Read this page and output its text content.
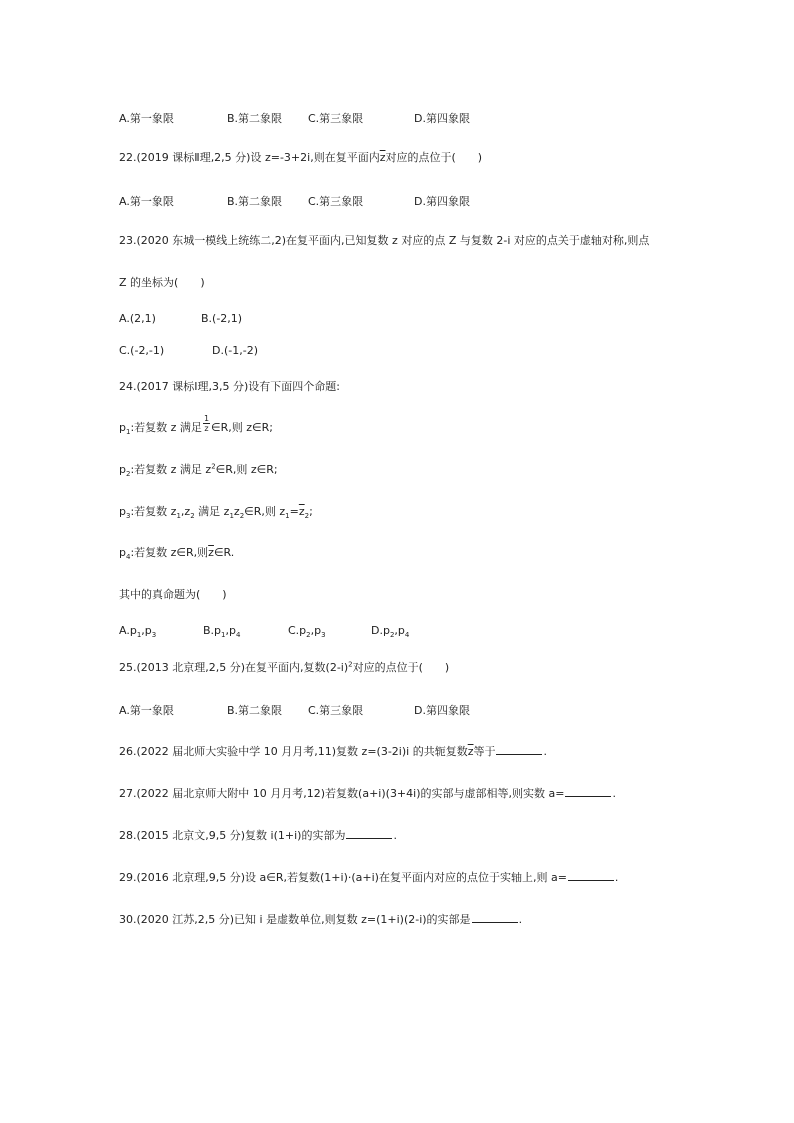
A.第一象限	B.第二象限 C.第三象限	D.第四象限
22.(2019 课标Ⅱ理,2,5 分)设 z=-3+2i,则在复平面内$\overline{z}$对应的点位于(　　)
A.第一象限	B.第二象限 C.第三象限	D.第四象限
23.(2020 东城一模线上统练二,2)在复平面内,已知复数 z 对应的点 Z 与复数 2-i 对应的点关于虚轴对称,则点
Z 的坐标为(　　)
A.(2,1)	B.(-2,1)
C.(-2,-1)	D.(-1,-2)
24.(2017 课标Ⅰ理,3,5 分)设有下面四个命题:
$p_1$:若复数 z 满足 $\frac{1}{z}$ ∈R,则 z∈R;
$p_2$:若复数 z 满足 $z^2\in R$,则 z∈R;
$p_3$:若复数 $z_1,z_2$ 满足 $z_1z_2\in R$,则 $z_1=\overline{z}_2$;
$p_4$:若复数 z∈R,则$\overline{z}\in R$.
其中的真命题为(　　)
$A.p_1,p_3$	$B.p_1,p_4$	$C.p_2,p_3$	$D.p_2,p_4$
25.(2013 北京理,2,5 分)在复平面内,复数$(2-i)^2$对应的点位于(　　)
A.第一象限	B.第二象限 C.第三象限	D.第四象限
26.(2022 届北师大实验中学 10 月月考,11)复数 z=(3-2i)i 的共轭复数$\overline{z}$等于	.
27.(2022 届北京师大附中 10 月月考,12)若复数(a+i)(3+4i)的实部与虚部相等,则实数 a=	.
28.(2015 北京文,9,5 分)复数 i(1+i)的实部为	.
29.(2016 北京理,9,5 分)设 a∈R,若复数(1+i)·(a+i)在复平面内对应的点位于实轴上,则 a=	.
30.(2020 江苏,2,5 分)已知 i 是虚数单位,则复数 z=(1+i)(2-i)的实部是	.
